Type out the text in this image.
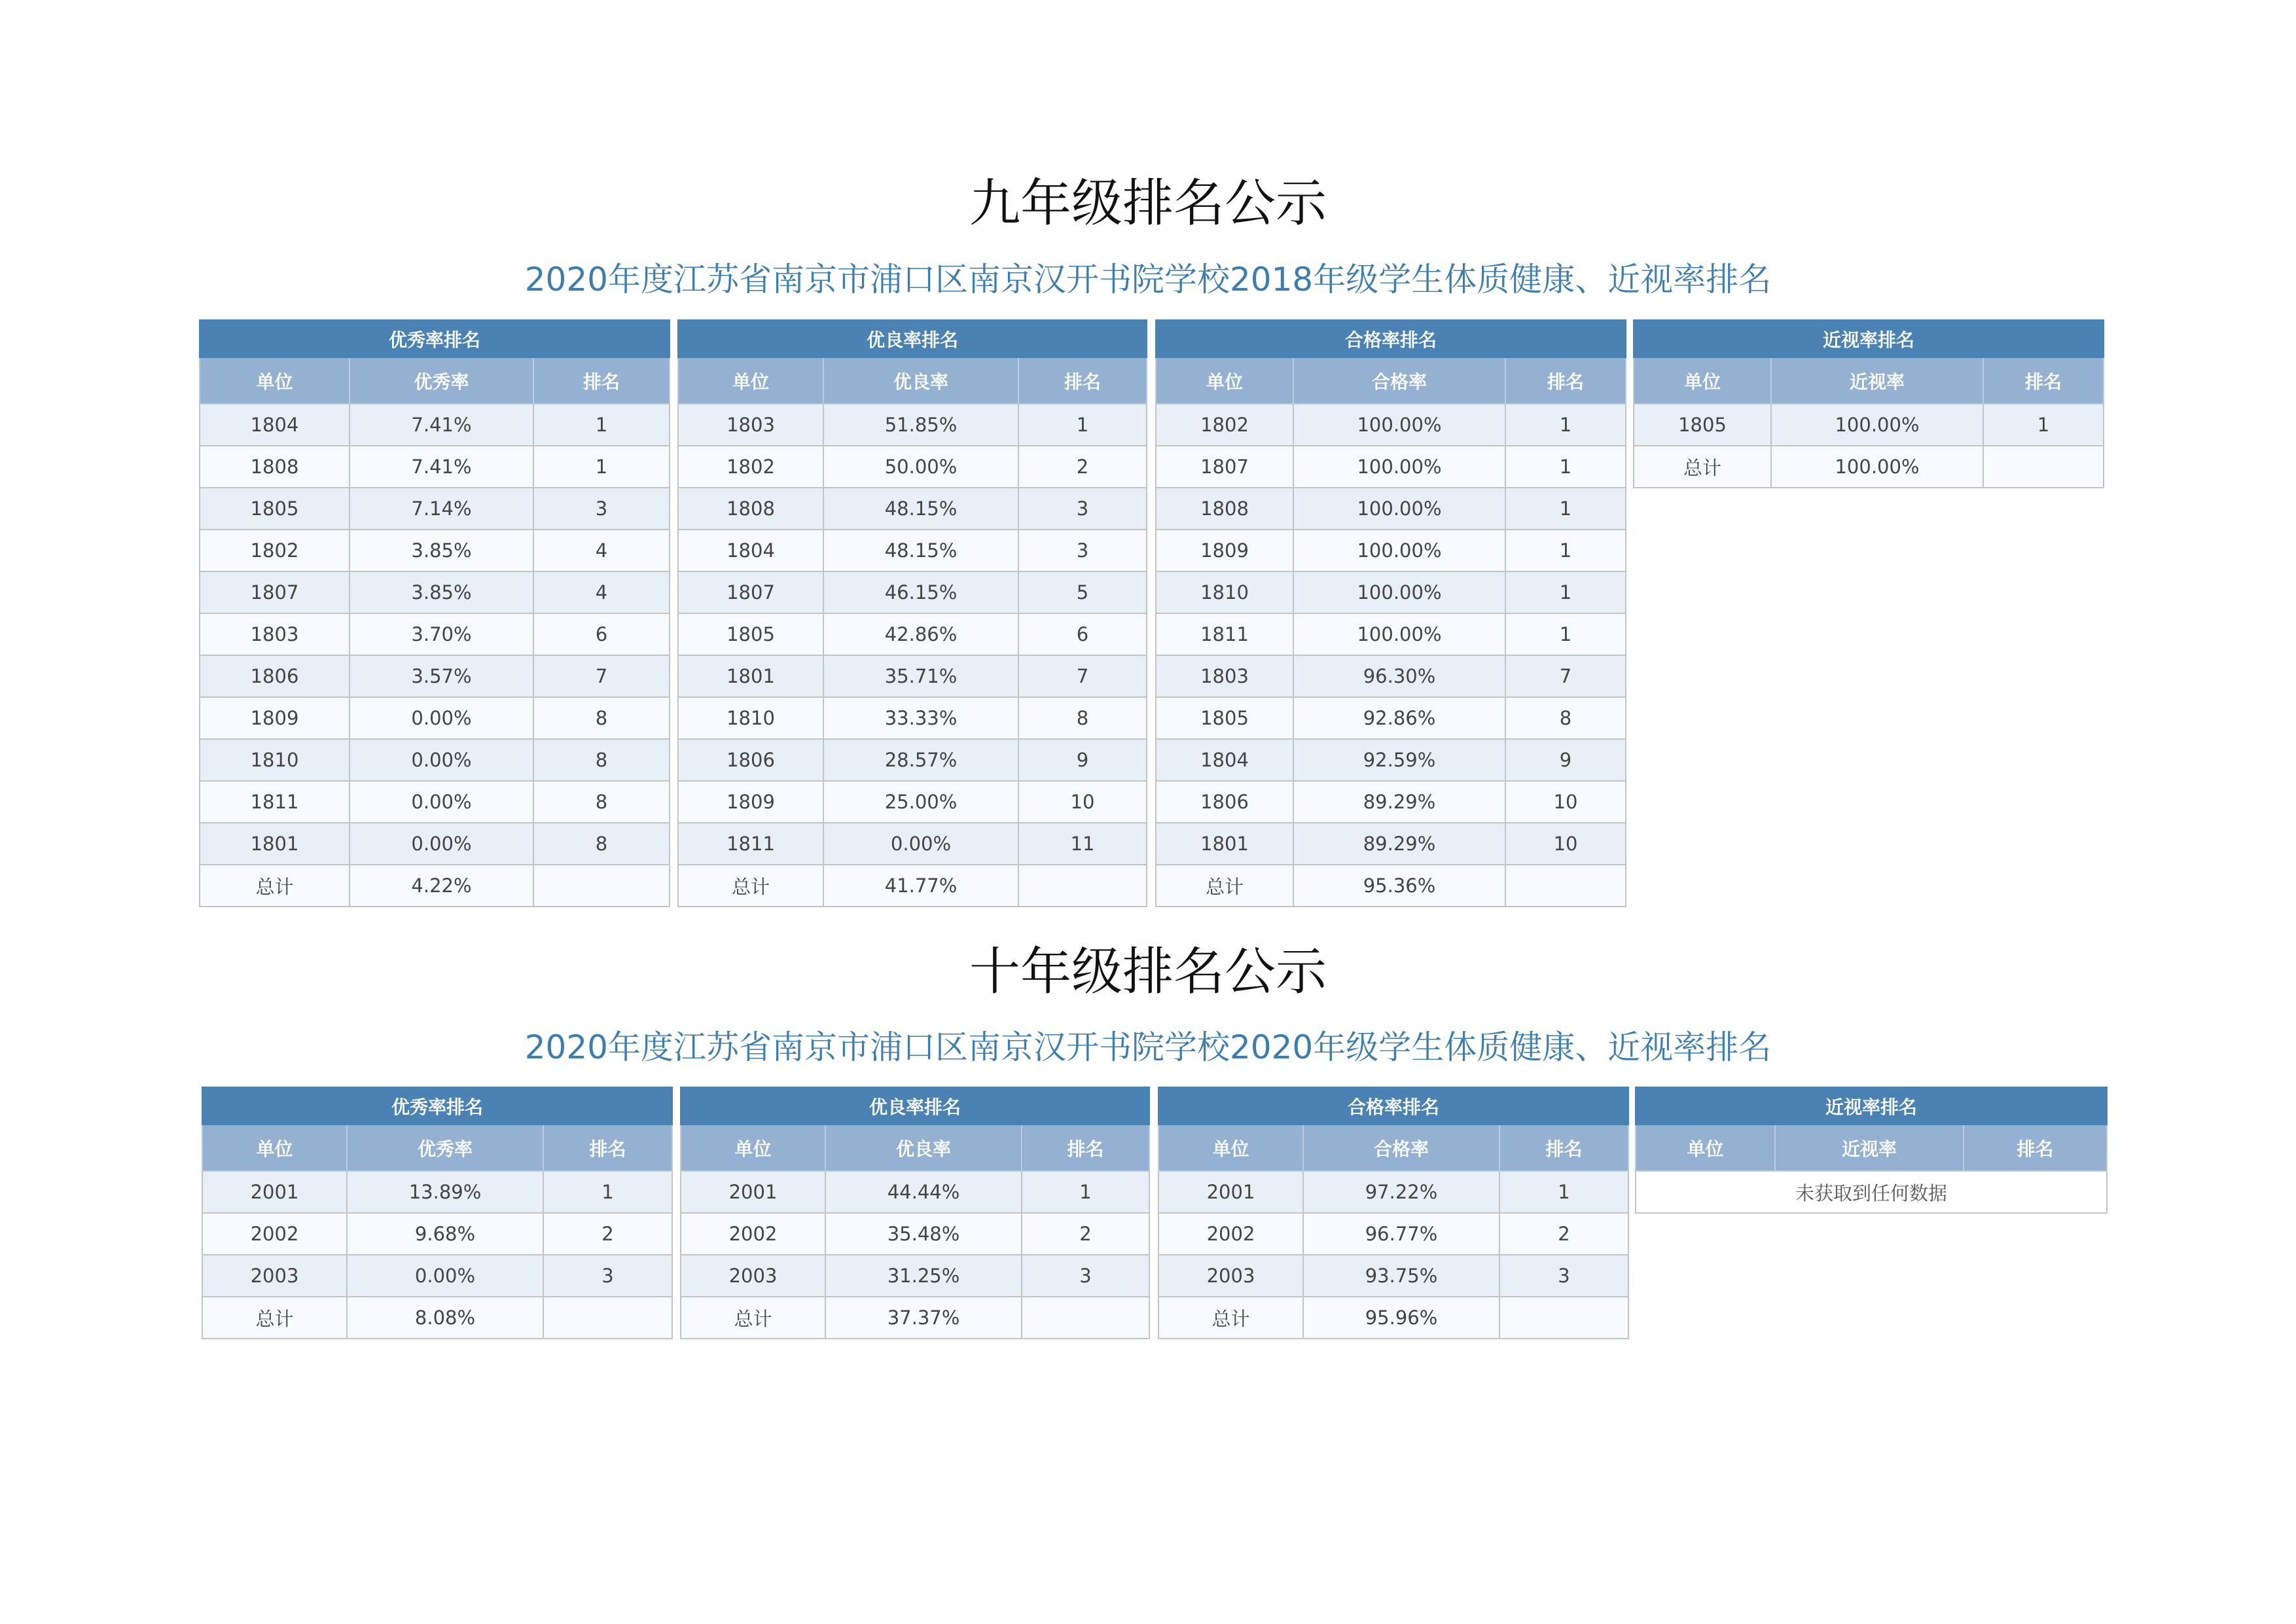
九年级排名公示
2020年度江苏省南京市浦口区南京汉开书院学校2018年级学生体质健康、近视率排名
优秀率排名		
单位	优秀率	排名
1804	7.41%	1
1808	7.41%	1
1805	7.14%	3
1802	3.85%	4
1807	3.85%	4
1803	3.70%	6
1806	3.57%	7
1809	0.00%	8
1810	0.00%	8
1811	0.00%	8
1801	0.00%	8
总计	4.22%	
优良率排名		
单位	优良率	排名
1803	51.85%	1
1802	50.00%	2
1808	48.15%	3
1804	48.15%	3
1807	46.15%	5
1805	42.86%	6
1801	35.71%	7
1810	33.33%	8
1806	28.57%	9
1809	25.00%	10
1811	0.00%	11
总计	41.77%	
合格率排名		
单位	合格率	排名
1802	100.00%	1
1807	100.00%	1
1808	100.00%	1
1809	100.00%	1
1810	100.00%	1
1811	100.00%	1
1803	96.30%	7
1805	92.86%	8
1804	92.59%	9
1806	89.29%	10
1801	89.29%	10
总计	95.36%	
近视率排名		
单位	近视率	排名
1805	100.00%	1
总计	100.00%	
十年级排名公示
2020年度江苏省南京市浦口区南京汉开书院学校2020年级学生体质健康、近视率排名
优秀率排名		
单位	优秀率	排名
2001	13.89%	1
2002	9.68%	2
2003	0.00%	3
总计	8.08%	
优良率排名		
单位	优良率	排名
2001	44.44%	1
2002	35.48%	2
2003	31.25%	3
总计	37.37%	
合格率排名		
单位	合格率	排名
2001	97.22%	1
2002	96.77%	2
2003	93.75%	3
总计	95.96%	
近视率排名
单位	近视率	排名
未获取到任何数据
